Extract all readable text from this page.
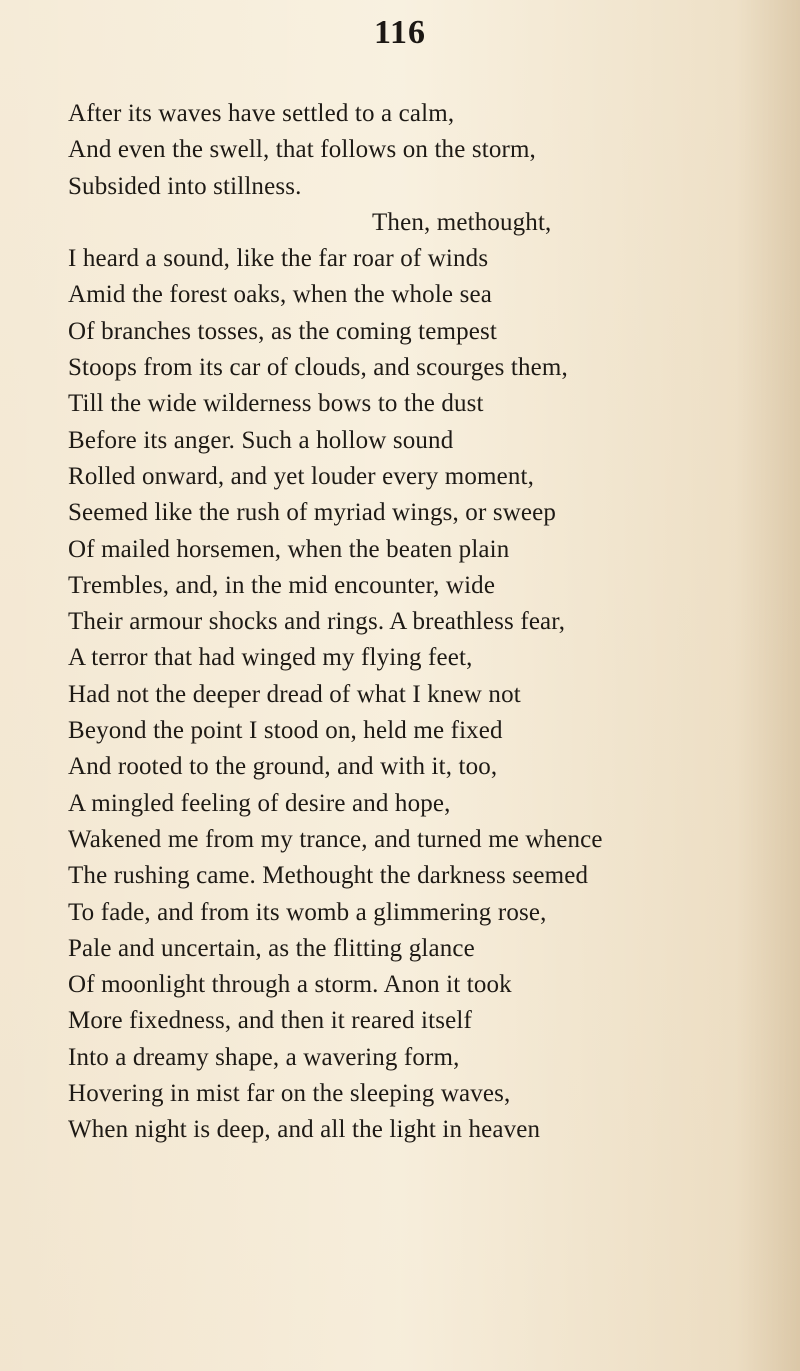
116
After its waves have settled to a calm,
And even the swell, that follows on the storm,
Subsided into stillness.
Then, methought,
I heard a sound, like the far roar of winds
Amid the forest oaks, when the whole sea
Of branches tosses, as the coming tempest
Stoops from its car of clouds, and scourges them,
Till the wide wilderness bows to the dust
Before its anger. Such a hollow sound
Rolled onward, and yet louder every moment,
Seemed like the rush of myriad wings, or sweep
Of mailed horsemen, when the beaten plain
Trembles, and, in the mid encounter, wide
Their armour shocks and rings. A breathless fear,
A terror that had winged my flying feet,
Had not the deeper dread of what I knew not
Beyond the point I stood on, held me fixed
And rooted to the ground, and with it, too,
A mingled feeling of desire and hope,
Wakened me from my trance, and turned me whence
The rushing came. Methought the darkness seemed
To fade, and from its womb a glimmering rose,
Pale and uncertain, as the flitting glance
Of moonlight through a storm. Anon it took
More fixedness, and then it reared itself
Into a dreamy shape, a wavering form,
Hovering in mist far on the sleeping waves,
When night is deep, and all the light in heaven
